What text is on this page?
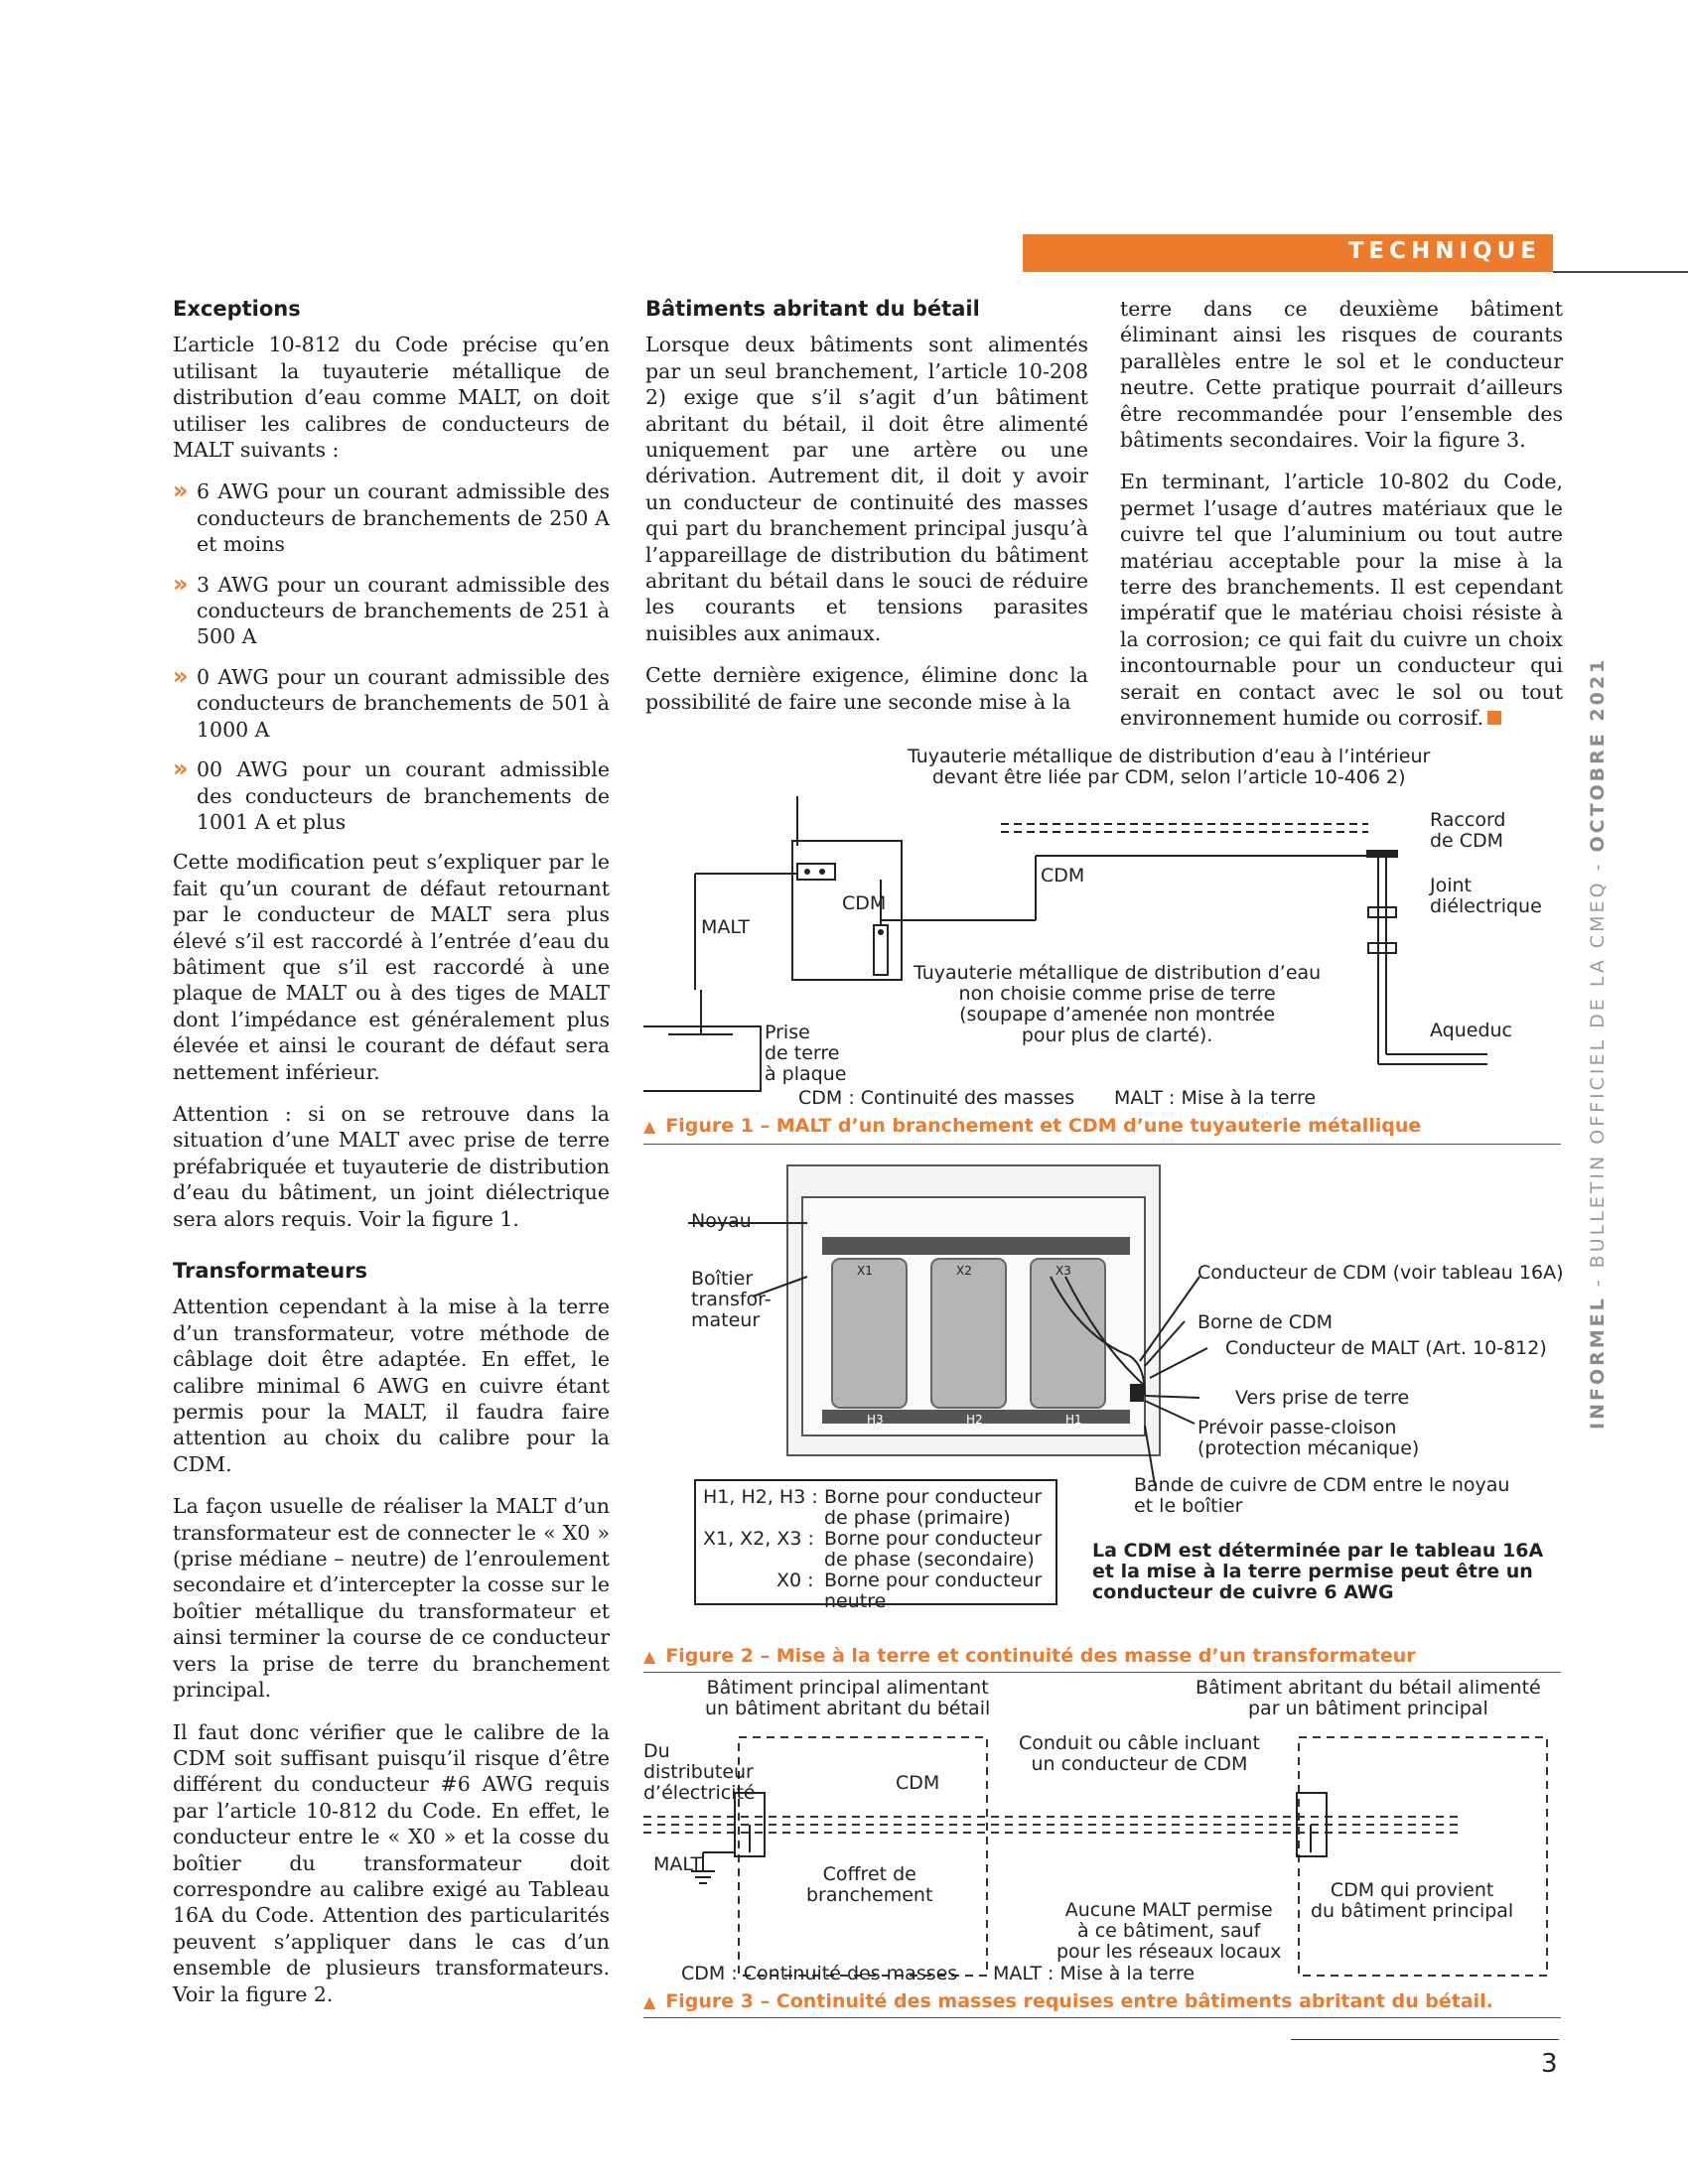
TECHNIQUE
INFORMEL - BULLETIN OFFICIEL DE LA CMEQ - OCTOBRE 2021
Exceptions

L’article 10-812 du Code précise qu’en utilisant la tuyauterie métallique de distribution d’eau comme MALT, on doit utiliser les calibres de conducteurs de MALT suivants :

» 6 AWG pour un courant admissible des conducteurs de branchements de 250 A et moins
» 3 AWG pour un courant admissible des conducteurs de branchements de 251 à 500 A
» 0 AWG pour un courant admissible des conducteurs de branchements de 501 à 1000 A
» 00 AWG pour un courant admissible des conducteurs de branchements de 1001 A et plus

Cette modification peut s’expliquer par le fait qu’un courant de défaut retournant par le conducteur de MALT sera plus élevé s’il est raccordé à l’entrée d’eau du bâtiment que s’il est raccordé à une plaque de MALT ou à des tiges de MALT dont l’impédance est généralement plus élevée et ainsi le courant de défaut sera nettement inférieur.

Attention : si on se retrouve dans la situation d’une MALT avec prise de terre préfabriquée et tuyauterie de distribution d’eau du bâtiment, un joint diélectrique sera alors requis. Voir la figure 1.

Transformateurs

Attention cependant à la mise à la terre d’un transformateur, votre méthode de câblage doit être adaptée. En effet, le calibre minimal 6 AWG en cuivre étant permis pour la MALT, il faudra faire attention au choix du calibre pour la CDM.

La façon usuelle de réaliser la MALT d’un transformateur est de connecter le « X0 » (prise médiane – neutre) de l’enroulement secondaire et d’intercepter la cosse sur le boîtier métallique du transformateur et ainsi terminer la course de ce conducteur vers la prise de terre du branchement principal.

Il faut donc vérifier que le calibre de la CDM soit suffisant puisqu’il risque d’être différent du conducteur #6 AWG requis par l’article 10-812 du Code. En effet, le conducteur entre le « X0 » et la cosse du boîtier du transformateur doit correspondre au calibre exigé au Tableau 16A du Code. Attention des particularités peuvent s’appliquer dans le cas d’un ensemble de plusieurs transformateurs. Voir la figure 2.

Bâtiments abritant du bétail

Lorsque deux bâtiments sont alimentés par un seul branchement, l’article 10-208 2) exige que s’il s’agit d’un bâtiment abritant du bétail, il doit être alimenté uniquement par une artère ou une dérivation. Autrement dit, il doit y avoir un conducteur de continuité des masses qui part du branchement principal jusqu’à l’appareillage de distribution du bâtiment abritant du bétail dans le souci de réduire les courants et tensions parasites nuisibles aux animaux.

Cette dernière exigence, élimine donc la possibilité de faire une seconde mise à la

terre dans ce deuxième bâtiment éliminant ainsi les risques de courants parallèles entre le sol et le conducteur neutre. Cette pratique pourrait d’ailleurs être recommandée pour l’ensemble des bâtiments secondaires. Voir la figure 3.

En terminant, l’article 10-802 du Code, permet l’usage d’autres matériaux que le cuivre tel que l’aluminium ou tout autre matériau acceptable pour la mise à la terre des branchements. Il est cependant impératif que le matériau choisi résiste à la corrosion; ce qui fait du cuivre un choix incontournable pour un conducteur qui serait en contact avec le sol ou tout environnement humide ou corrosif.

Tuyauterie métallique de distribution d’eau à l’intérieur
devant être liée par CDM, selon l’article 10-406 2)
Raccord
de CDM
Joint
diélectrique
CDM
CDM
MALT
Tuyauterie métallique de distribution d’eau
non choisie comme prise de terre
(soupape d’amenée non montrée
pour plus de clarté).	Aqueduc
Prise
de terre
à plaque
CDM : Continuité des masses MALT : Mise à la terre
▲ Figure 1 – MALT d’un branchement et CDM d’une tuyauterie métallique
Noyau
Boîtier
transfor-
mateur
X1	X2	X3
H3	H2	H1
Conducteur de CDM (voir tableau 16A)
Borne de CDM
Conducteur de MALT (Art. 10-812)
Vers prise de terre
Prévoir passe-cloison
(protection mécanique)
Bande de cuivre de CDM entre le noyau
et le boîtier
H1, H2, H3 : Borne pour conducteur
de phase (primaire)
X1, X2, X3 : Borne pour conducteur
de phase (secondaire)
X0 : Borne pour conducteur
neutre
La CDM est déterminée par le tableau 16A
et la mise à la terre permise peut être un
conducteur de cuivre 6 AWG
▲ Figure 2 – Mise à la terre et continuité des masse d’un transformateur
Bâtiment principal alimentant
un bâtiment abritant du bétail
Bâtiment abritant du bétail alimenté
par un bâtiment principal
Du
distributeur
d’électricité
Conduit ou câble incluant
un conducteur de CDM
CDM
MALT	Coffret de
branchement
Aucune MALT permise
à ce bâtiment, sauf
pour les réseaux locaux
CDM qui provient
du bâtiment principal
CDM : Continuité des masses MALT : Mise à la terre
▲ Figure 3 – Continuité des masses requises entre bâtiments abritant du bétail.
3
